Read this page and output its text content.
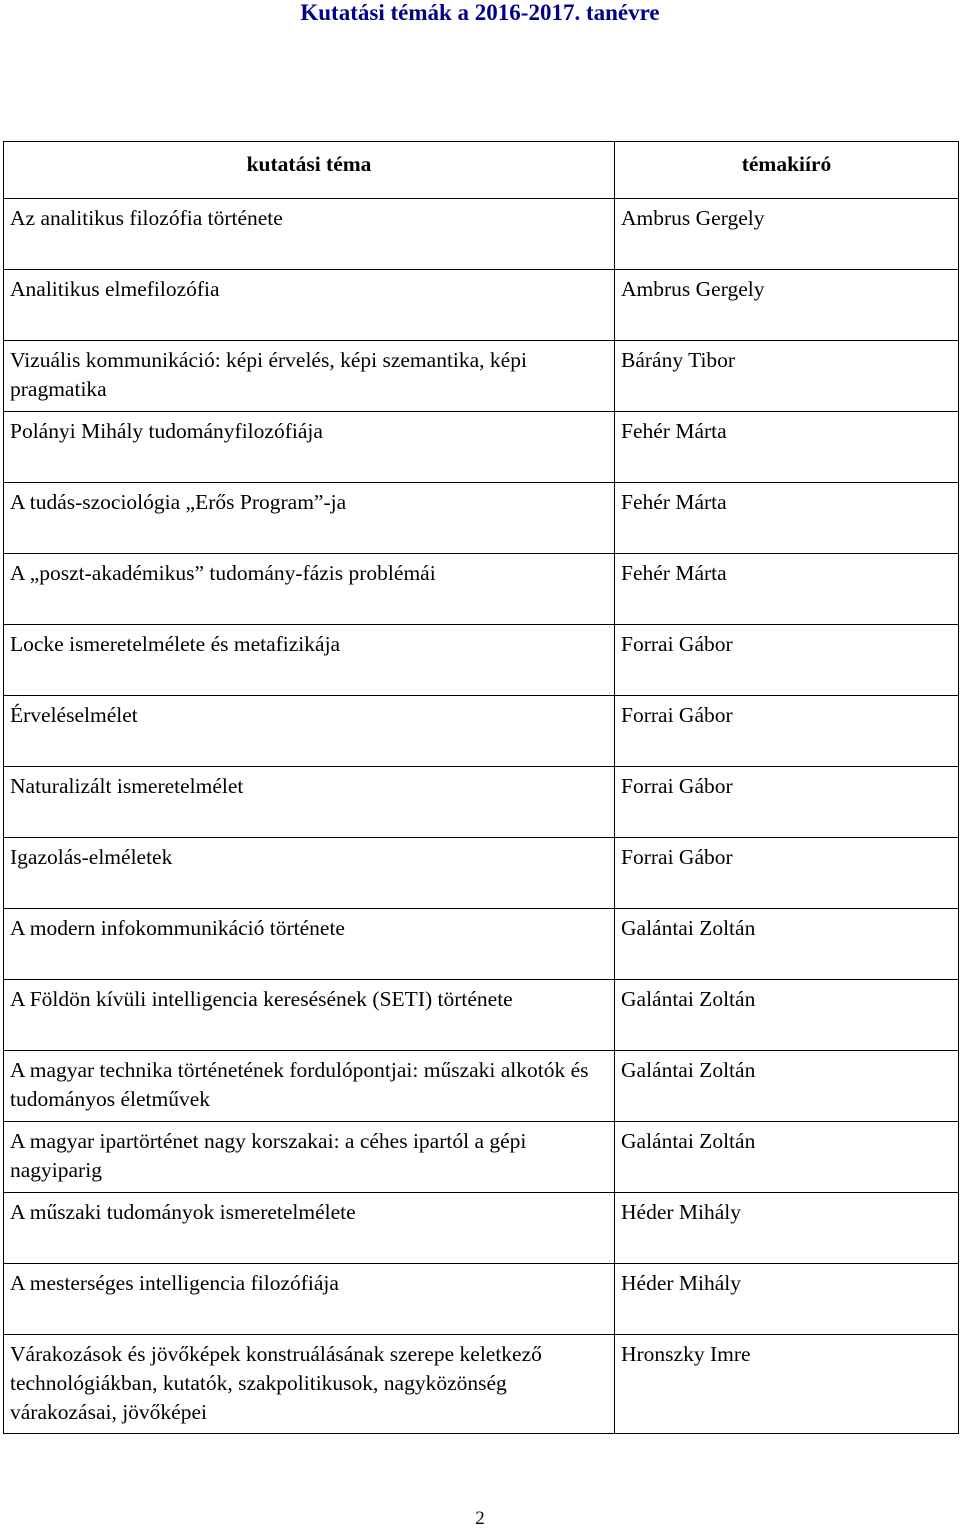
Kutatási témák a 2016-2017. tanévre
kutatási téma	témakiíró
Az analitikus filozófia története	Ambrus Gergely
Analitikus elmefilozófia	Ambrus Gergely
Vizuális kommunikáció: képi érvelés, képi szemantika, képi pragmatika	Bárány Tibor
Polányi Mihály tudományfilozófiája	Fehér Márta
A tudás-szociológia „Erős Program”-ja	Fehér Márta
A „poszt-akadémikus” tudomány-fázis problémái	Fehér Márta
Locke ismeretelmélete és metafizikája	Forrai Gábor
Érveléselmélet	Forrai Gábor
Naturalizált ismeretelmélet	Forrai Gábor
Igazolás-elméletek	Forrai Gábor
A modern infokommunikáció története	Galántai Zoltán
A Földön kívüli intelligencia keresésének (SETI) története	Galántai Zoltán
A magyar technika történetének fordulópontjai: műszaki alkotók és tudományos életművek	Galántai Zoltán
A magyar ipartörténet nagy korszakai: a céhes ipartól a gépi nagyiparig	Galántai Zoltán
A műszaki tudományok ismeretelmélete	Héder Mihály
A mesterséges intelligencia filozófiája	Héder Mihály
Várakozások és jövőképek konstruálásának szerepe keletkező technológiákban, kutatók, szakpolitikusok, nagyközönség várakozásai, jövőképei	Hronszky Imre
2
